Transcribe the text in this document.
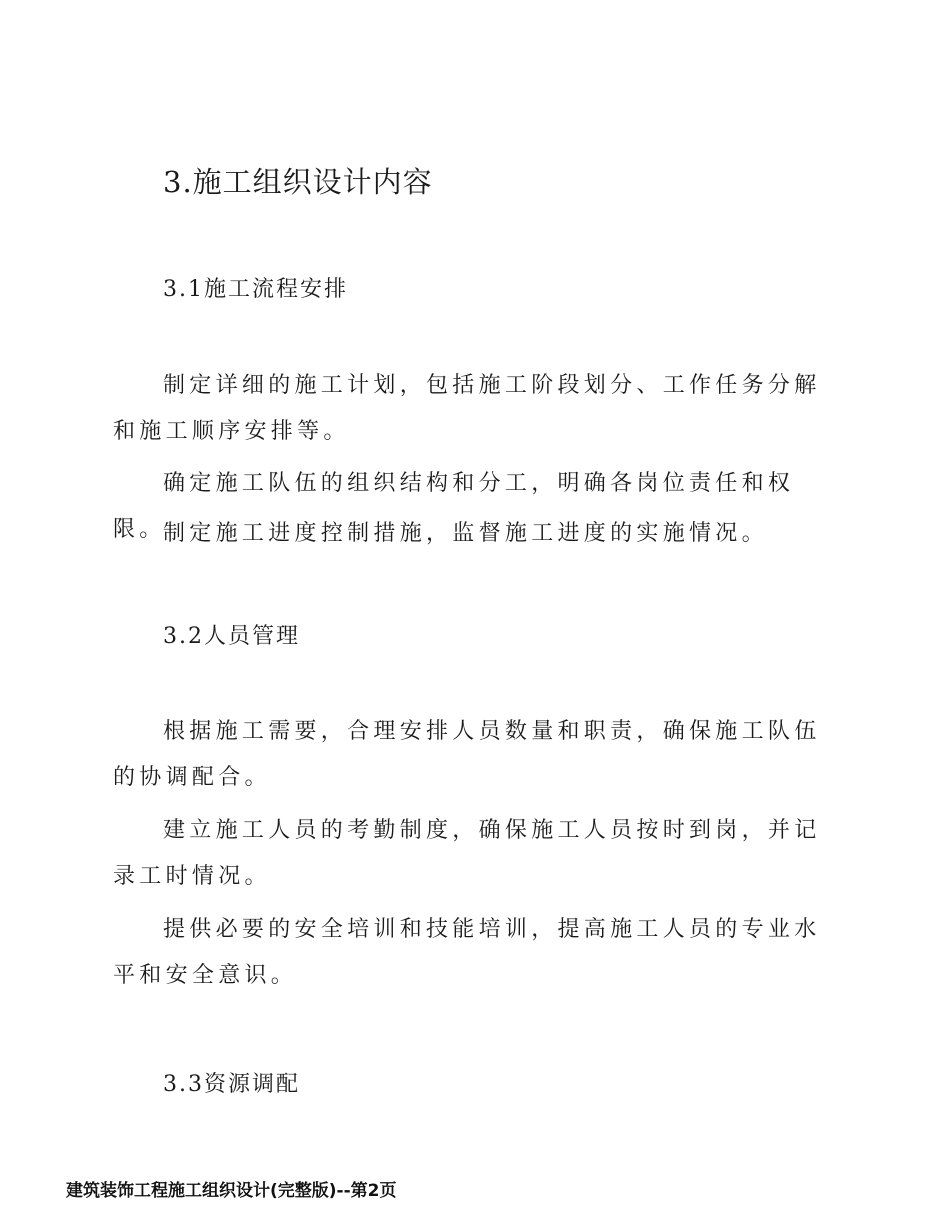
3.施工组织设计内容
3.1施工流程安排

制定详细的施工计划，包括施工阶段划分、工作任务分解和施工顺序安排等。

确定施工队伍的组织结构和分工，明确各岗位责任和权限。

制定施工进度控制措施，监督施工进度的实施情况。

3.2人员管理

根据施工需要，合理安排人员数量和职责，确保施工队伍的协调配合。

建立施工人员的考勤制度，确保施工人员按时到岗，并记录工时情况。

提供必要的安全培训和技能培训，提高施工人员的专业水平和安全意识。

3.3资源调配
建筑装饰工程施工组织设计(完整版)--第2页
